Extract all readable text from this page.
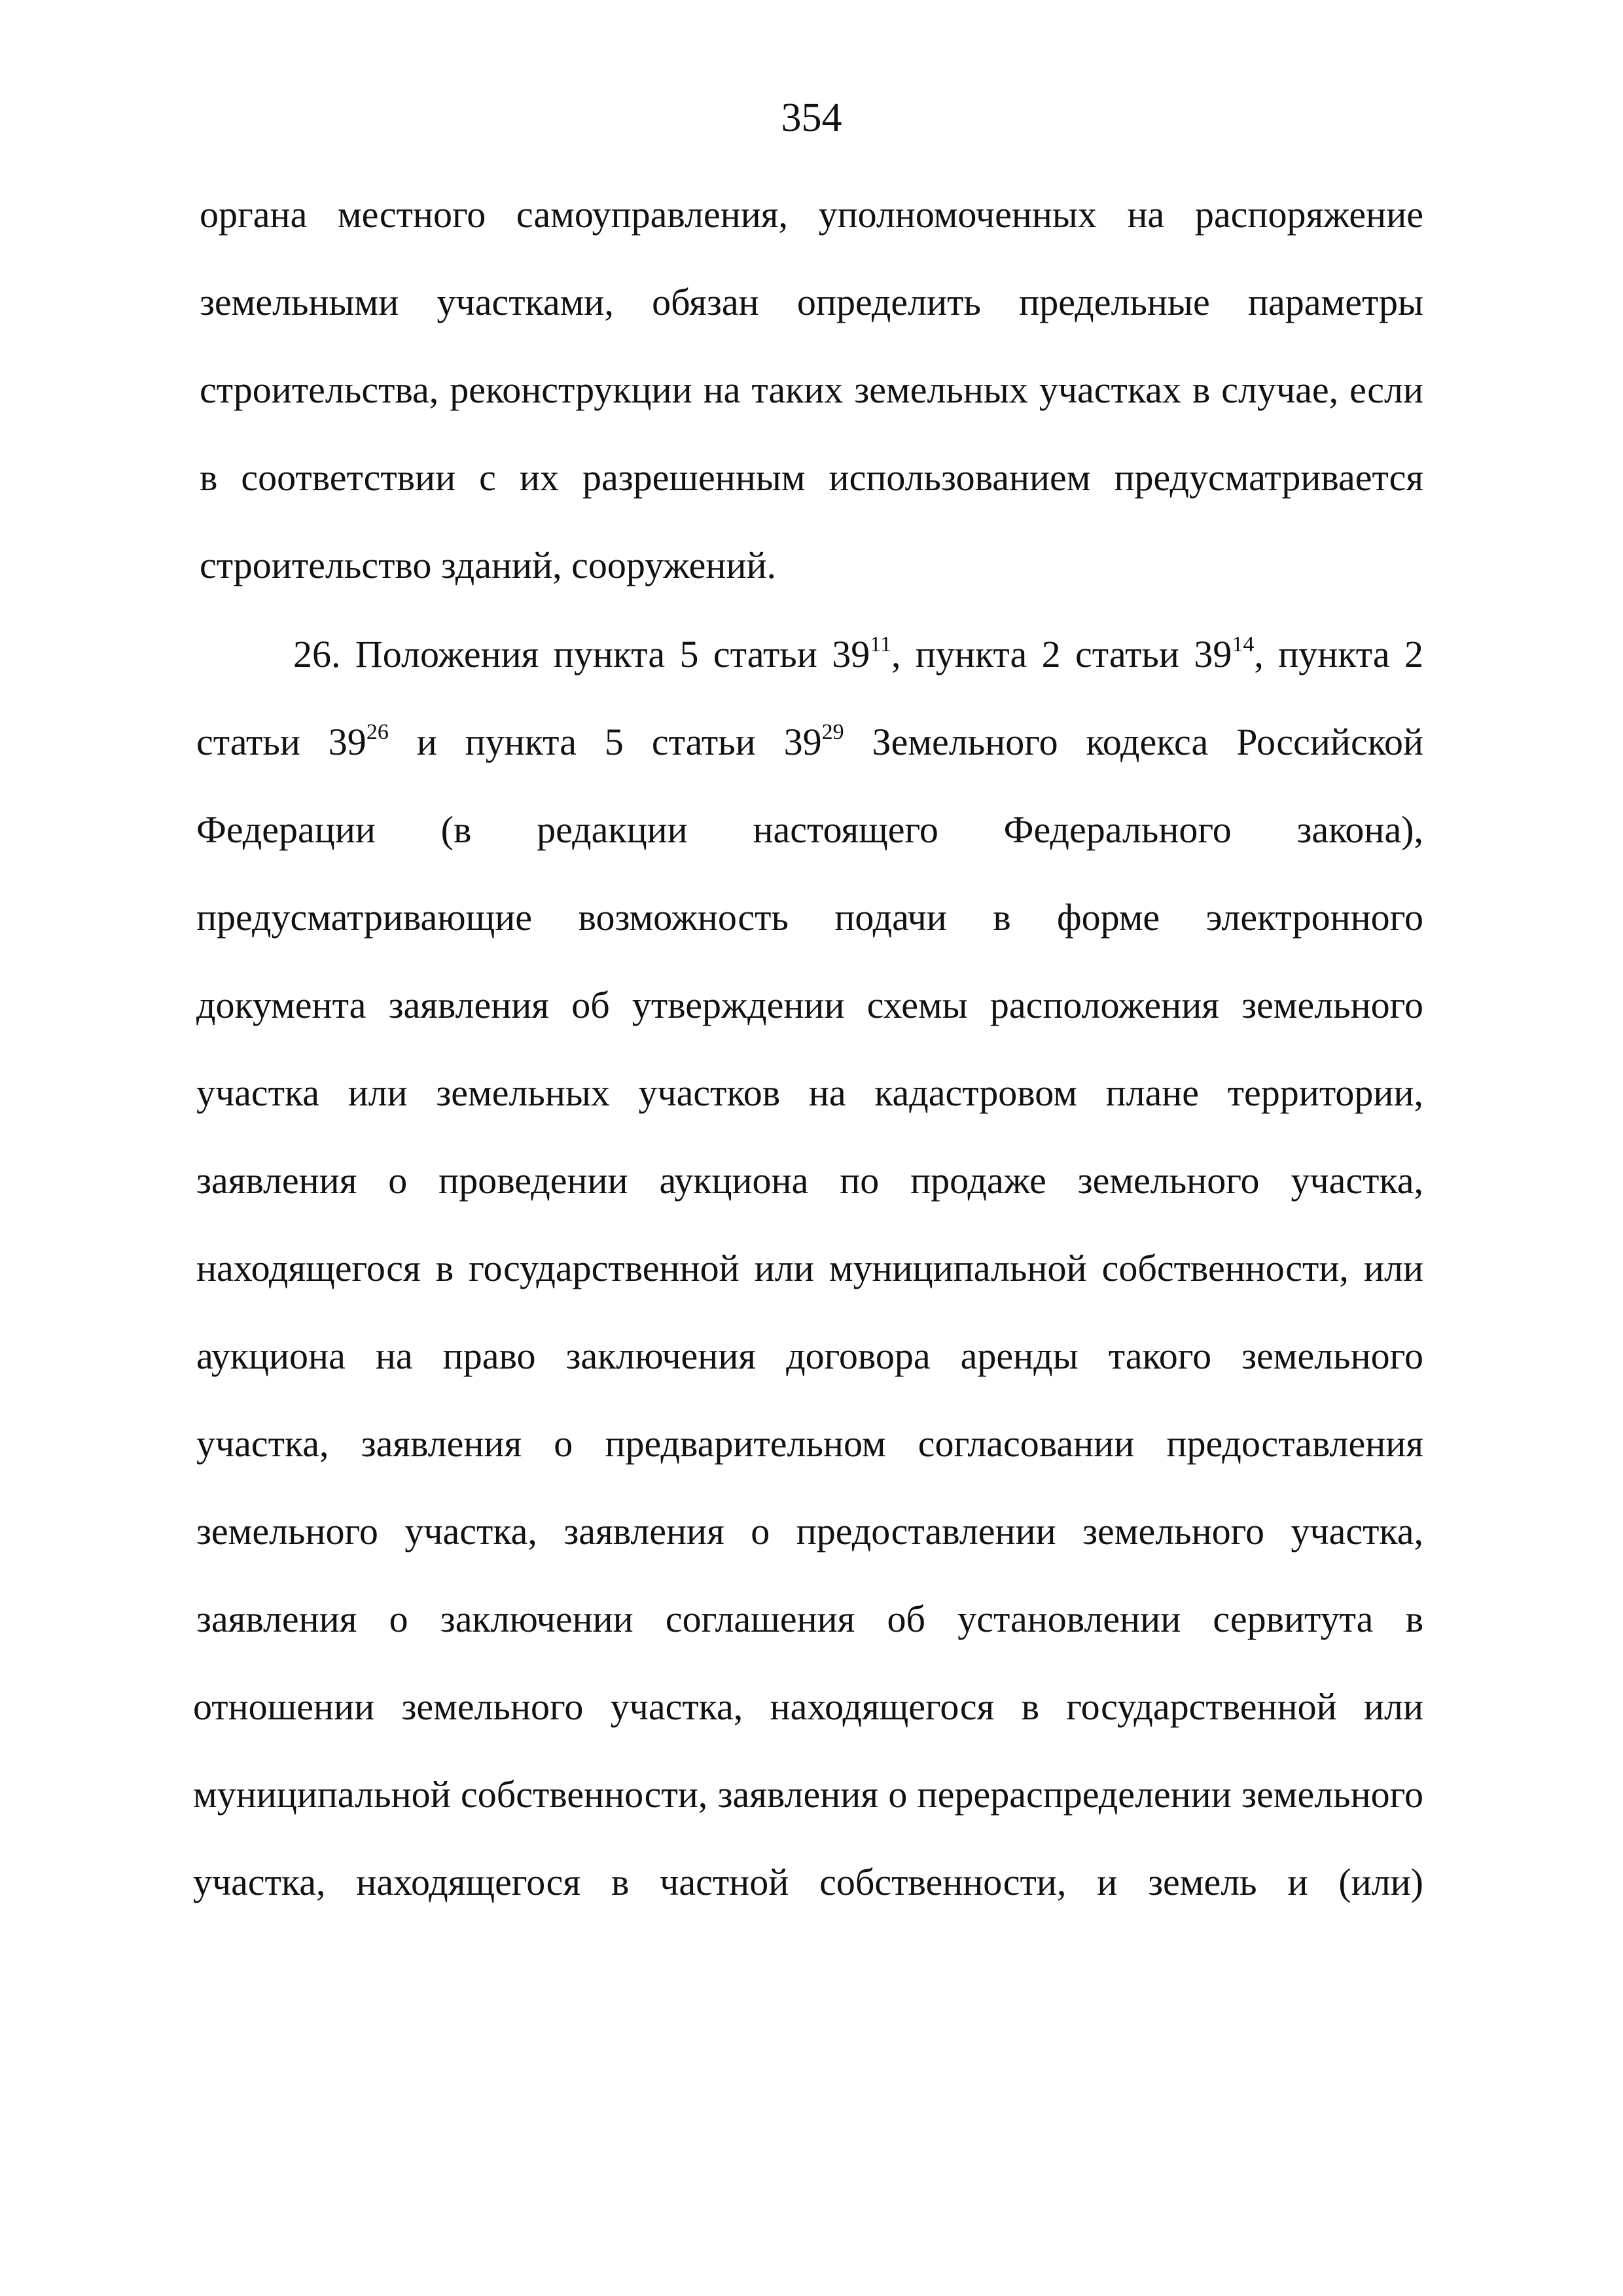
354
органа местного самоуправления, уполномоченных на распоряжение
земельными участками, обязан определить предельные параметры
строительства, реконструкции на таких земельных участках в случае, если
в соответствии с их разрешенным использованием предусматривается
строительство зданий, сооружений.
26. Положения пункта 5 статьи $39^{11}$, пункта 2 статьи $39^{14}$, пункта 2
статьи $39^{26}$ и пункта 5 статьи $39^{29}$ Земельного кодекса Российской
Федерации (в редакции настоящего Федерального закона),
предусматривающие возможность подачи в форме электронного
документа заявления об утверждении схемы расположения земельного
участка или земельных участков на кадастровом плане территории,
заявления о проведении аукциона по продаже земельного участка,
находящегося в государственной или муниципальной собственности, или
аукциона на право заключения договора аренды такого земельного
участка, заявления о предварительном согласовании предоставления
земельного участка, заявления о предоставлении земельного участка,
заявления о заключении соглашения об установлении сервитута в
отношении земельного участка, находящегося в государственной или
муниципальной собственности, заявления о перераспределении земельного
участка, находящегося в частной собственности, и земель и (или)
